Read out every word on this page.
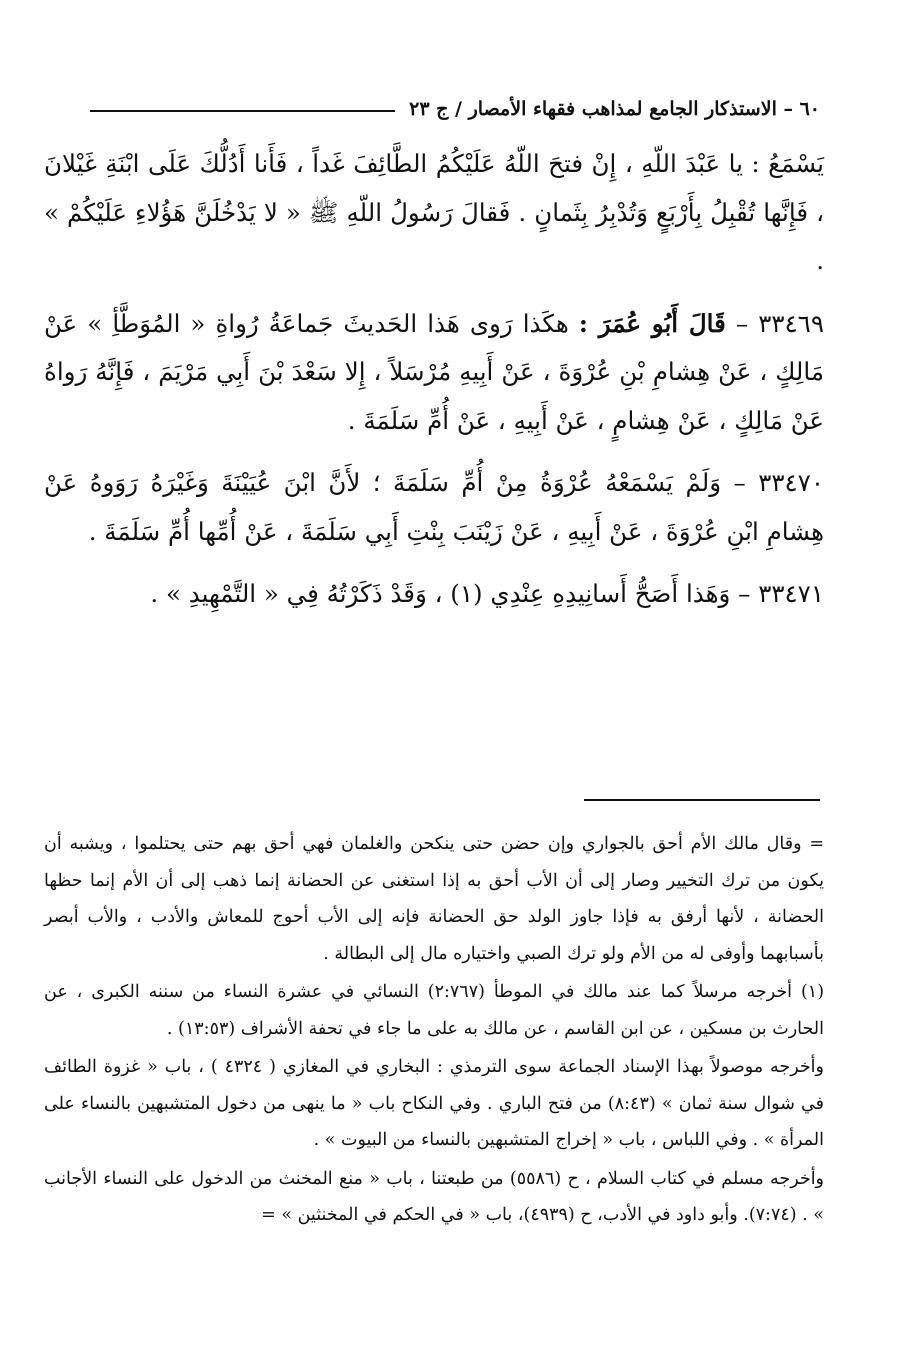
٦٠ – الاستذكار الجامع لمذاهب فقهاء الأمصار / ج ٢٣

يَسْمَعُ : يا عَبْدَ اللّهِ ، إِنْ فتحَ اللّهُ عَلَيْكُمُ الطَّائِفَ غَداً ، فَأَنا أَدُلُّكَ عَلَى ابْنَةِ غَيْلانَ ، فَإِنَّها تُقْبِلُ بِأَرْبَعٍ وَتُدْبِرُ بِثَمانٍ . فَقالَ رَسُولُ اللّهِ ﷺ « لا يَدْخُلَنَّ هَؤُلاءِ عَلَيْكُمْ » .

٣٣٤٦٩ – قَالَ أَبُو عُمَرَ : هكَذا رَوى هَذا الحَديثَ جَماعَةُ رُواةِ « المُوَطَّأِ » عَنْ مَالِكٍ ، عَنْ هِشامِ بْنِ عُرْوَةَ ، عَنْ أَبِيهِ مُرْسَلاً ، إِلا سَعْدَ بْنَ أَبِي مَرْيَمَ ، فَإِنَّهُ رَواهُ عَنْ مَالِكٍ ، عَنْ هِشامٍ ، عَنْ أَبِيهِ ، عَنْ أُمِّ سَلَمَةَ .

٣٣٤٧٠ – وَلَمْ يَسْمَعْهُ عُرْوَةُ مِنْ أُمِّ سَلَمَةَ ؛ لأَنَّ ابْنَ عُيَيْنَةَ وَغَيْرَهُ رَوَوهُ عَنْ هِشامِ ابْنِ عُرْوَةَ ، عَنْ أَبِيهِ ، عَنْ زَيْنَبَ بِنْتِ أَبِي سَلَمَةَ ، عَنْ أُمِّها أُمِّ سَلَمَةَ .

٣٣٤٧١ – وَهَذا أَصَحُّ أَسانِيدِهِ عِنْدِي (١) ، وَقَدْ ذَكَرْتُهُ فِي « التَّمْهِيدِ » .

= وقال مالك الأم أحق بالجواري وإن حضن حتى ينكحن والغلمان فهي أحق بهم حتى يحتلموا ، ويشبه أن يكون من ترك التخيير وصار إلى أن الأب أحق به إذا استغنى عن الحضانة إنما ذهب إلى أن الأم إنما حظها الحضانة ، لأنها أرفق به فإذا جاوز الولد حق الحضانة فإنه إلى الأب أحوج للمعاش والأدب ، والأب أبصر بأسبابهما وأوفى له من الأم ولو ترك الصبي واختياره مال إلى البطالة .

(١) أخرجه مرسلاً كما عند مالك في الموطأ (٢:٧٦٧) النسائي في عشرة النساء من سننه الكبرى ، عن الحارث بن مسكين ، عن ابن القاسم ، عن مالك به على ما جاء في تحفة الأشراف (١٣:٥٣) .

وأخرجه موصولاً بهذا الإسناد الجماعة سوى الترمذي : البخاري في المغازي ( ٤٣٢٤ ) ، باب « غزوة الطائف في شوال سنة ثمان » (٨:٤٣) من فتح الباري . وفي النكاح باب « ما ينهى من دخول المتشبهين بالنساء على المرأة » . وفي اللباس ، باب « إخراج المتشبهين بالنساء من البيوت » .

وأخرجه مسلم في كتاب السلام ، ح (٥٥٨٦) من طبعتنا ، باب « منع المخنث من الدخول على النساء الأجانب » . (٧:٧٤). وأبو داود في الأدب، ح (٤٩٣٩)، باب « في الحكم في المخنثين » =
